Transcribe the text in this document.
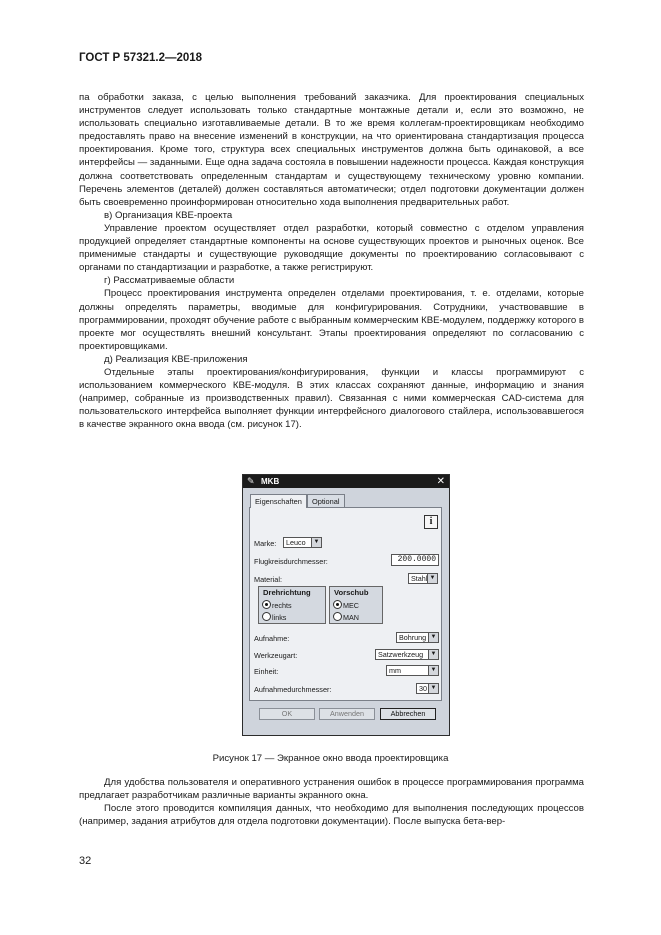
ГОСТ Р 57321.2—2018

па обработки заказа, с целью выполнения требований заказчика. Для проектирования специальных инструментов следует использовать только стандартные монтажные детали и, если это возможно, не использовать специально изготавливаемые детали. В то же время коллегам-проектировщикам необходимо предоставлять право на внесение изменений в конструкции, на что ориентирована стандартизация процесса проектирования. Кроме того, структура всех специальных инструментов должна быть одинаковой, а все интерфейсы — заданными. Еще одна задача состояла в повышении надежности процесса. Каждая конструкция должна соответствовать определенным стандартам и существующему техническому уровню компании. Перечень элементов (деталей) должен составляться автоматически; отдел подготовки документации должен быть своевременно проинформирован относительно хода выполнения предварительных работ.

в) Организация КВЕ-проекта

Управление проектом осуществляет отдел разработки, который совместно с отделом управления продукцией определяет стандартные компоненты на основе существующих проектов и рыночных оценок. Все применимые стандарты и существующие руководящие документы по проектированию согласовывают с органами по стандартизации и разработке, а также регистрируют.

г) Рассматриваемые области

Процесс проектирования инструмента определен отделами проектирования, т. е. отделами, которые должны определять параметры, вводимые для конфигурирования. Сотрудники, участвовавшие в программировании, проходят обучение работе с выбранным коммерческим КВЕ-модулем, поддержку которого в проекте мог осуществлять внешний консультант. Этапы проектирования определяют по согласованию с проектировщиками.

д) Реализация КВЕ-приложения

Отдельные этапы проектирования/конфигурирования, функции и классы программируют с использованием коммерческого КВЕ-модуля. В этих классах сохраняют данные, информацию и знания (например, собранные из производственных правил). Связанная с ними коммерческая CAD-система для пользовательского интерфейса выполняет функции интерфейсного диалогового стайлера, использовавшегося в качестве экранного окна ввода (см. рисунок 17).

✎ MKB	✕
Eigenschaften	Optional
i
Marke:	Leuco	▼
Flugkreisdurchmesser:	200.0000
Material:	Stahl ▼
Drehrichtung
rechts
links
Vorschub
MEC
MAN
Aufnahme:	Bohrung ▼
Werkzeugart:	Satzwerkzeug	▼
Einheit:	mm	▼
Aufnahmedurchmesser:	30 ▼
OK	Anwenden	Abbrechen
Рисунок 17 — Экранное окно ввода проектировщика

Для удобства пользователя и оперативного устранения ошибок в процессе программирования программа предлагает разработчикам различные варианты экранного окна.

После этого проводится компиляция данных, что необходимо для выполнения последующих процессов (например, задания атрибутов для отдела подготовки документации). После выпуска бета-вер-

32
